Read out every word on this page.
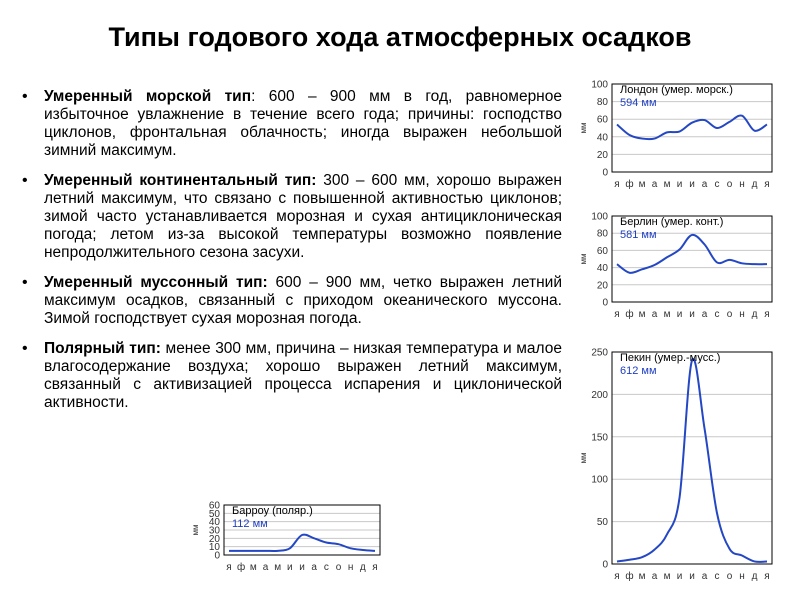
Типы годового хода атмосферных осадков

• Умеренный морской тип: 600 – 900 мм в год, равномерное избыточное увлажнение в течение всего года; причины: господство циклонов, фронтальная облачность; иногда выражен небольшой зимний максимум.

• Умеренный континентальный тип: 300 – 600 мм, хорошо выражен летний максимум, что связано с повышенной активностью циклонов; зимой часто устанавливается морозная и сухая антициклоническая погода; летом из-за высокой температуры возможно появление непродолжительного сезона засухи.

• Умеренный муссонный тип: 600 – 900 мм, четко выражен летний максимум осадков, связанный с приходом океанического муссона. Зимой господствует сухая морозная погода.

• Полярный тип: менее 300 мм, причина – низкая температура и малое влагосодержание воздуха; хорошо выражен летний максимум, связанный с активизацией процесса испарения и циклонической активности.

0
20
40
60
80
100
я ф м а м и и а с о н д я
мм
Лондон (умер. морск.)
594 мм
0
20
40
60
80
100
я ф м а м и и а с о н д я
мм
Берлин (умер. конт.)
581 мм
0
50
100
150
200
250
я ф м а м и и а с о н д я
мм
Пекин (умер.-мусс.)
612 мм
0
10
20
30
40
50
60
я ф м а м и и а с о н д я
мм
Барроу (поляр.)
112 мм
